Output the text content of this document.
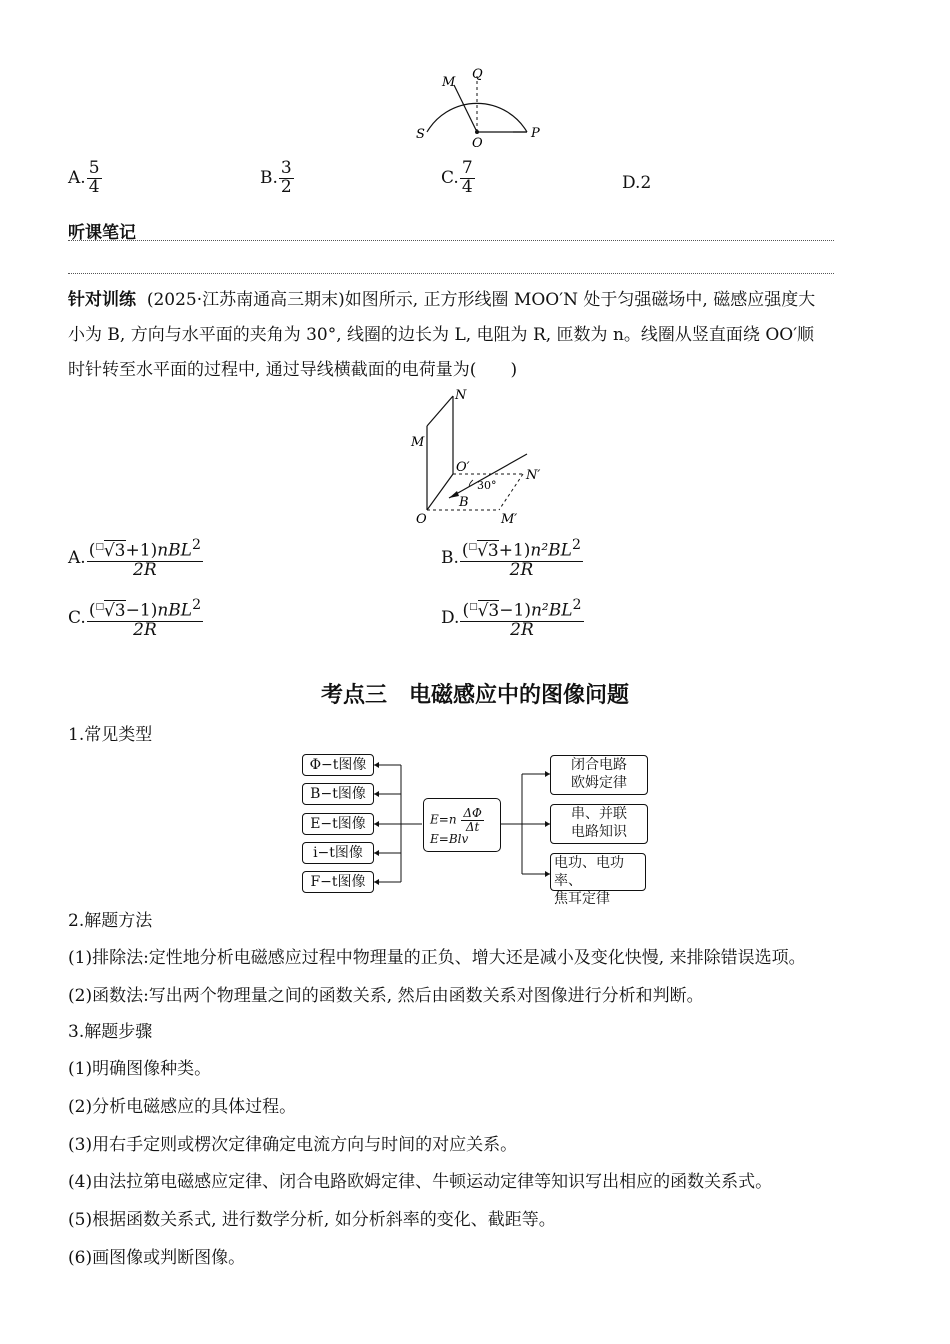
M
Q
S
O
P
A. $\frac{5}{4}$	B. $\frac{3}{2}$	C. $\frac{7}{4}$	D.2
听课笔记
针对训练 (2025·江苏南通高三期末)如图所示, 正方形线圈 MOO′N 处于匀强磁场中, 磁感应强度大
小为 B, 方向与水平面的夹角为 30°, 线圈的边长为 L, 电阻为 R, 匝数为 n。线圈从竖直面绕 OO′顺
时针转至水平面的过程中, 通过导线横截面的电荷量为(　　)
N
M
O′
N′
30°
B
O	M′
A. $\frac{(^□√3+1)nBL^2}{2R}$	B. $\frac{(^□√3+1)n^2BL^2}{2R}$
C. $\frac{(^□√3-1)nBL^2}{2R}$	D. $\frac{(^□√3-1)n^2BL^2}{2R}$
考点三　电磁感应中的图像问题
1.常见类型
Φ−t图像
B−t图像
E−t图像
i−t图像
F−t图像
$E=n \frac{\Delta\Phi}{\Delta t}$
E=Blv
闭合电路
欧姆定律
串、并联
电路知识
电功、电功率、
焦耳定律
2.解题方法
(1)排除法:定性地分析电磁感应过程中物理量的正负、增大还是减小及变化快慢, 来排除错误选项。
(2)函数法:写出两个物理量之间的函数关系, 然后由函数关系对图像进行分析和判断。
3.解题步骤
(1)明确图像种类。
(2)分析电磁感应的具体过程。
(3)用右手定则或楞次定律确定电流方向与时间的对应关系。
(4)由法拉第电磁感应定律、闭合电路欧姆定律、牛顿运动定律等知识写出相应的函数关系式。
(5)根据函数关系式, 进行数学分析, 如分析斜率的变化、截距等。
(6)画图像或判断图像。
